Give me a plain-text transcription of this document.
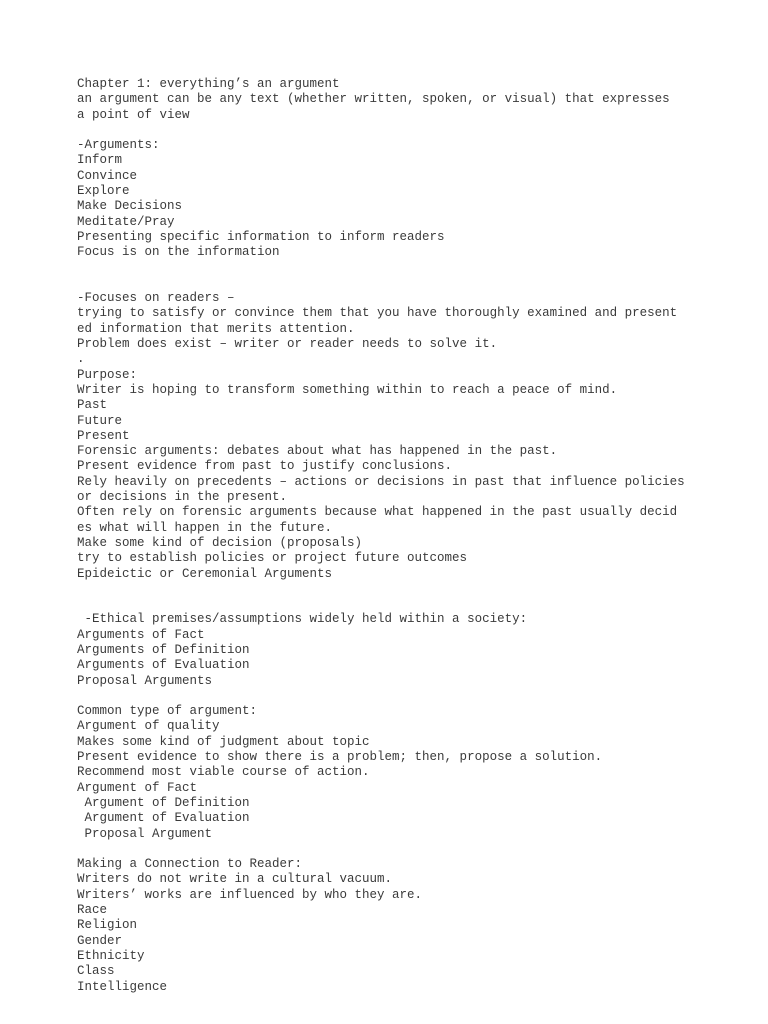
Chapter 1: everything’s an argument
an argument can be any text (whether written, spoken, or visual) that expresses
a point of view
-Arguments:
Inform
Convince
Explore
Make Decisions
Meditate/Pray
Presenting specific information to inform readers
Focus is on the information
-Focuses on readers –
trying to satisfy or convince them that you have thoroughly examined and present
ed information that merits attention.
Problem does exist – writer or reader needs to solve it.
.
Purpose:
Writer is hoping to transform something within to reach a peace of mind.
Past
Future
Present
Forensic arguments: debates about what has happened in the past.
Present evidence from past to justify conclusions.
Rely heavily on precedents – actions or decisions in past that influence policies
or decisions in the present.
Often rely on forensic arguments because what happened in the past usually decid
es what will happen in the future.
Make some kind of decision (proposals)
try to establish policies or project future outcomes
Epideictic or Ceremonial Arguments
-Ethical premises/assumptions widely held within a society:
Arguments of Fact
Arguments of Definition
Arguments of Evaluation
Proposal Arguments
Common type of argument:
Argument of quality
Makes some kind of judgment about topic
Present evidence to show there is a problem; then, propose a solution.
Recommend most viable course of action.
Argument of Fact
Argument of Definition
Argument of Evaluation
Proposal Argument
Making a Connection to Reader:
Writers do not write in a cultural vacuum.
Writers’ works are influenced by who they are.
Race
Religion
Gender
Ethnicity
Class
Intelligence
